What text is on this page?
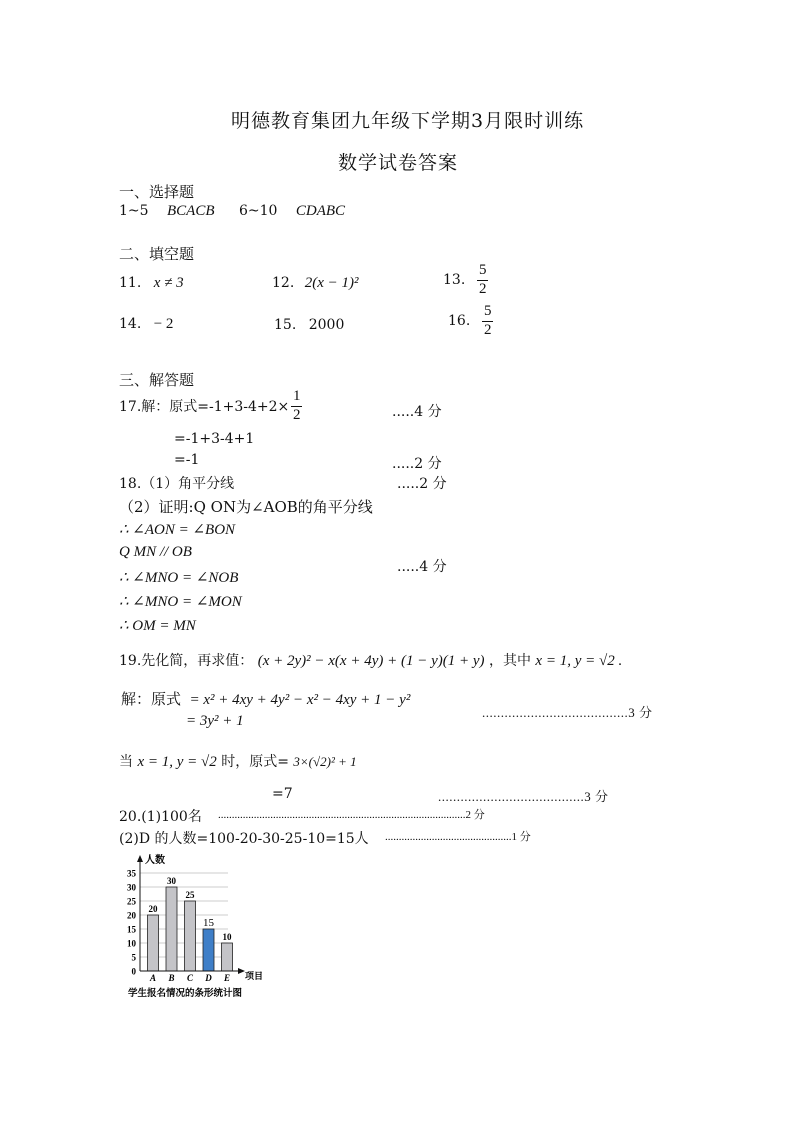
明德教育集团九年级下学期3月限时训练
数学试卷答案
一、选择题
1~5 BCACB 6~10 CDABC
二、填空题
11. x ≠ 3	12. 2(x − 1)²	13. $\frac{5}{2}$
14. − 2	15. 2000	16. $\frac{5}{2}$
三、解答题
17.解：原式$=-1+3-4+2\times \frac{1}{2}$	.....4 分
=-1+3-4+1
=-1	.....2 分
18.（1）角平分线	.....2 分
（2）证明:Q ON为∠AOB的角平分线
∴ ∠AON = ∠BON
Q MN // OB
∴ ∠MNO = ∠NOB
.....4 分
∴ ∠MNO = ∠MON
∴ OM = MN
19.先化简，再求值： (x + 2y)² − x(x + 4y) + (1 − y)(1 + y) ，其中 x = 1, y = √2 .
解：原式 = x² + 4xy + 4y² − x² − 4xy + 1 − y²
= 3y² + 1
.......................................3 分
当 x = 1, y = √2 时，原式= 3×(√2)² + 1
=7	.......................................3 分
20.(1)100名 ..........................................................................................2 分
(2)D 的人数=100-20-30-25-10=15人 ..............................................1 分
0
5
10
15
20
25
30
35
20
A
30
B
25
C
15
D
10
E
人数
项目
学生报名情况的条形统计图
